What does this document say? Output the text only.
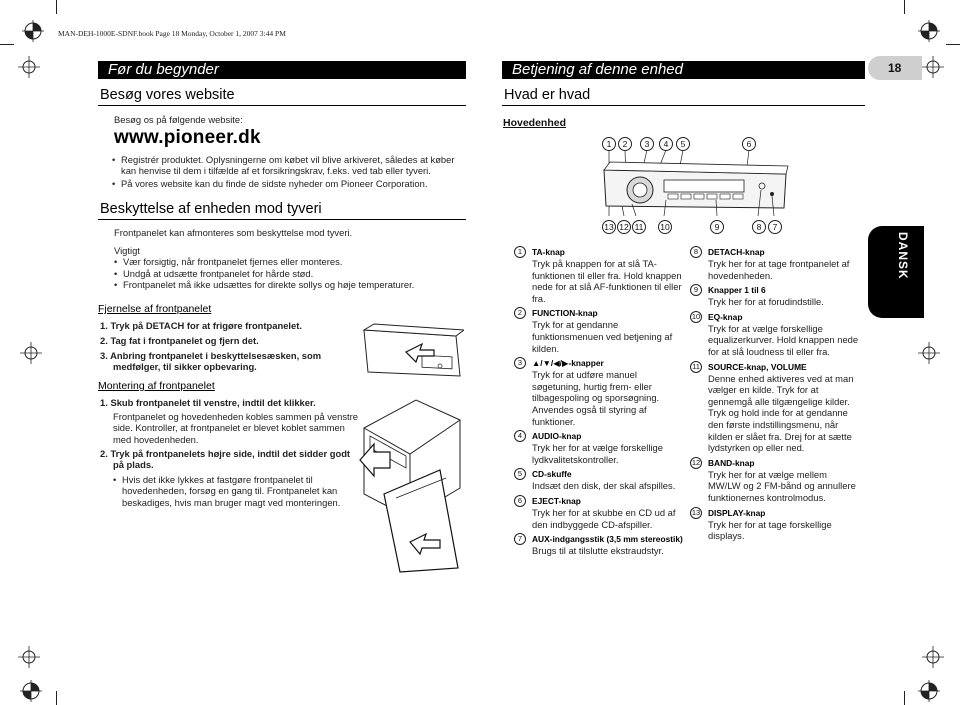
MAN-DEH-1000E-SDNF.book Page 18 Monday, October 1, 2007 3:44 PM
Før du begynder	Betjening af denne enhed	18
Besøg vores website
Besøg os på følgende website:
www.pioneer.dk
• Registrér produktet. Oplysningerne om købet vil blive arkiveret, således at køber kan henvise til dem i tilfælde af et forsikringskrav, f.eks. ved tab eller tyveri.
• På vores website kan du finde de sidste nyheder om Pioneer Corporation.
Beskyttelse af enheden mod tyveri
Frontpanelet kan afmonteres som beskyttelse mod tyveri.
Vigtigt
• Vær forsigtig, når frontpanelet fjernes eller monteres.
• Undgå at udsætte frontpanelet for hårde stød.
• Frontpanelet må ikke udsættes for direkte sollys og høje temperaturer.
Fjernelse af frontpanelet
1. Tryk på DETACH for at frigøre frontpanelet.
2. Tag fat i frontpanelet og fjern det.
3. Anbring frontpanelet i beskyttelsesæsken, som medfølger, til sikker opbevaring.
Montering af frontpanelet
1. Skub frontpanelet til venstre, indtil det klikker.
Frontpanelet og hovedenheden kobles sammen på venstre side. Kontroller, at frontpanelet er blevet koblet sammen med hovedenheden.
2. Tryk på frontpanelets højre side, indtil det sidder godt på plads.
• Hvis det ikke lykkes at fastgøre frontpanelet til hovedenheden, forsøg en gang til. Frontpanelet kan beskadiges, hvis man bruger magt ved monteringen.
Hvad er hvad
Hovedenhed
1	2	3	4	5	6
13 12 11	10	9	8	7
1	TA-knap
Tryk på knappen for at slå TA-funktionen til eller fra. Hold knappen nede for at slå AF-funktionen til eller fra.
2	FUNCTION-knap
Tryk for at gendanne funktionsmenuen ved betjening af kilden.
3	▲/▼/◀/▶-knapper
Tryk for at udføre manuel søgetuning, hurtig frem- eller tilbagespoling og sporsøgning. Anvendes også til styring af funktioner.
4	AUDIO-knap
Tryk her for at vælge forskellige lydkvalitetskontroller.
5	CD-skuffe
Indsæt den disk, der skal afspilles.
6	EJECT-knap
Tryk her for at skubbe en CD ud af den indbyggede CD-afspiller.
7	AUX-indgangsstik (3,5 mm stereostik)
Brugs til at tilslutte ekstraudstyr.
8	DETACH-knap
Tryk her for at tage frontpanelet af hovedenheden.
9	Knapper 1 til 6
Tryk her for at forudindstille.
10 EQ-knap
Tryk for at vælge forskellige equalizerkurver. Hold knappen nede for at slå loudness til eller fra.
11 SOURCE-knap, VOLUME
Denne enhed aktiveres ved at man vælger en kilde. Tryk for at gennemgå alle tilgængelige kilder. Tryk og hold inde for at gendanne den første indstillingsmenu, når kilden er slået fra. Drej for at sætte lydstyrken op eller ned.
12 BAND-knap
Tryk her for at vælge mellem MW/LW og 2 FM-bånd og annullere funktionernes kontrolmodus.
13 DISPLAY-knap
Tryk her for at tage forskellige displays.
DANSK
